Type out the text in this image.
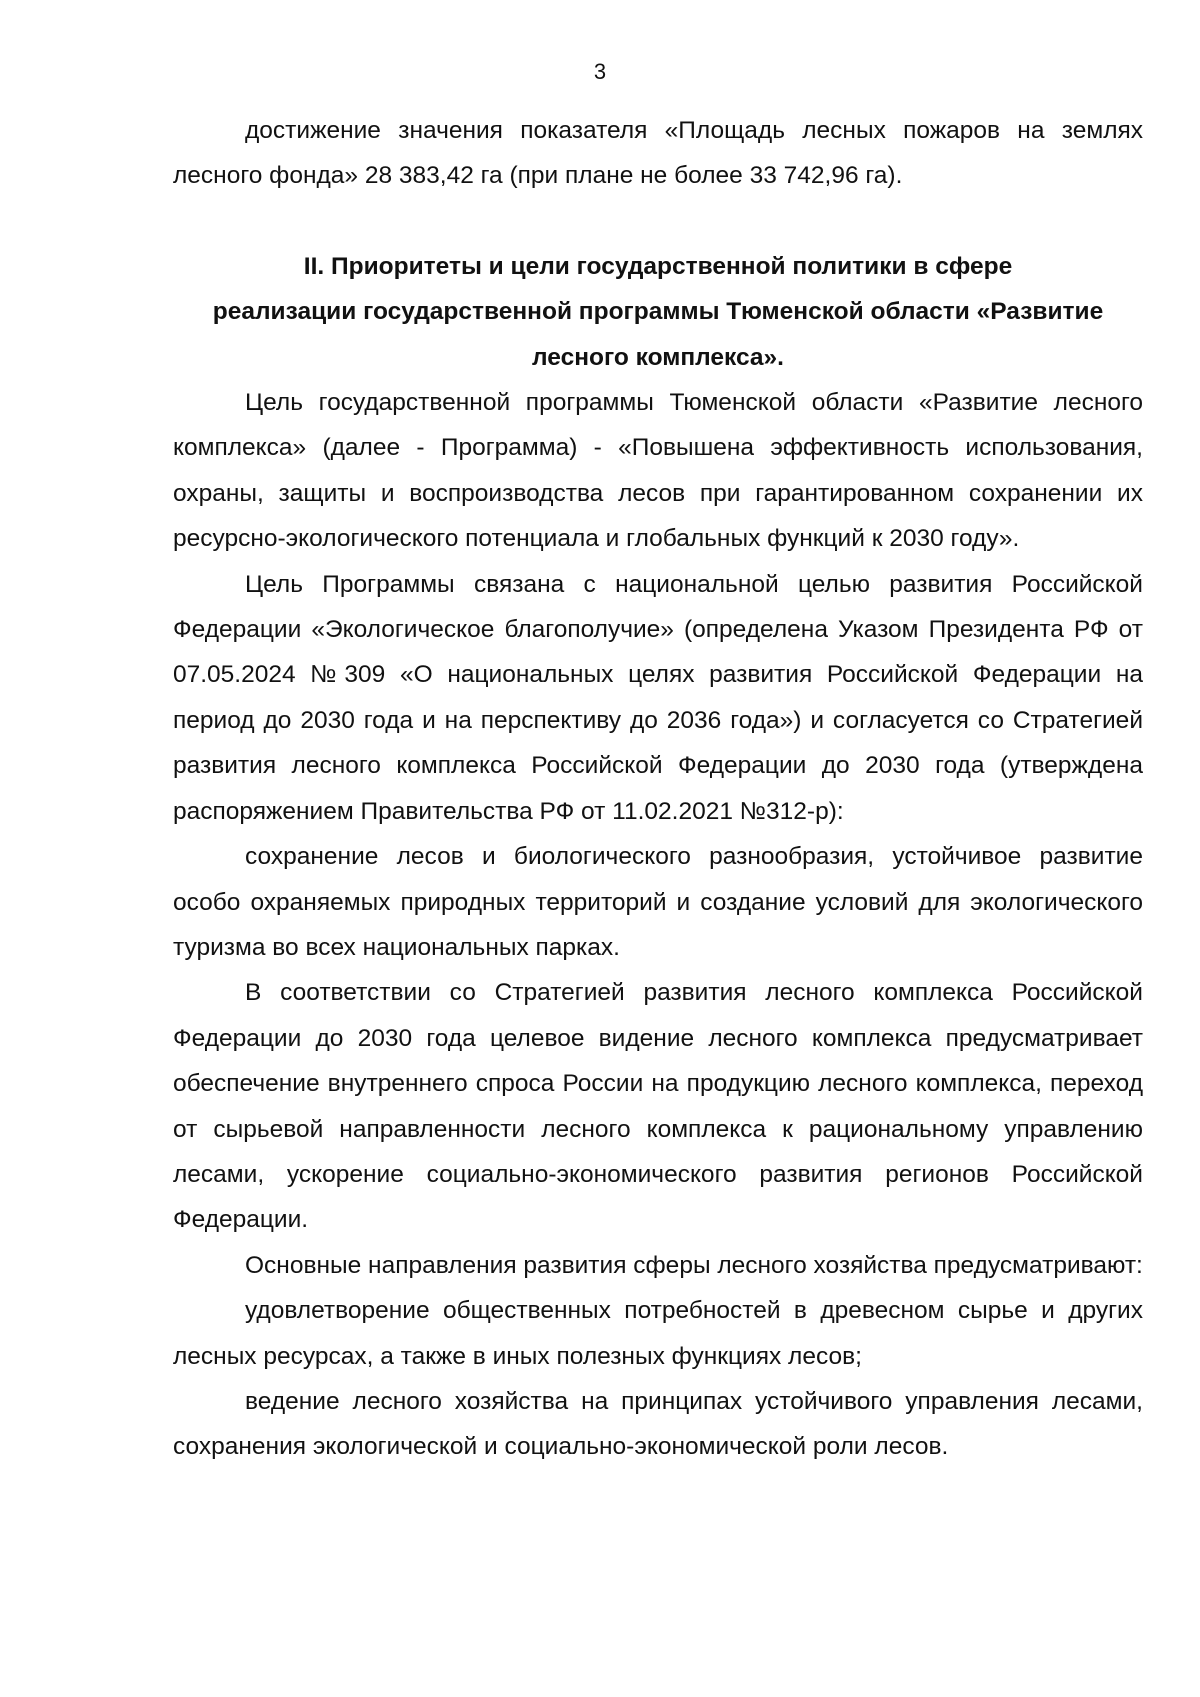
3

достижение значения показателя «Площадь лесных пожаров на землях лесного фонда» 28 383,42 га (при плане не более 33 742,96 га).

II. Приоритеты и цели государственной политики в сфере
реализации государственной программы Тюменской области «Развитие
лесного комплекса».

Цель государственной программы Тюменской области «Развитие лесного комплекса» (далее - Программа) - «Повышена эффективность использования, охраны, защиты и воспроизводства лесов при гарантированном сохранении их ресурсно-экологического потенциала и глобальных функций к 2030 году».

Цель Программы связана с национальной целью развития Российской Федерации «Экологическое благополучие» (определена Указом Президента РФ от 07.05.2024 №309 «О национальных целях развития Российской Федерации на период до 2030 года и на перспективу до 2036 года») и согласуется со Стратегией развития лесного комплекса Российской Федерации до 2030 года (утверждена распоряжением Правительства РФ от 11.02.2021 №312-р):

сохранение лесов и биологического разнообразия, устойчивое развитие особо охраняемых природных территорий и создание условий для экологического туризма во всех национальных парках.

В соответствии со Стратегией развития лесного комплекса Российской Федерации до 2030 года целевое видение лесного комплекса предусматривает обеспечение внутреннего спроса России на продукцию лесного комплекса, переход от сырьевой направленности лесного комплекса к рациональному управлению лесами, ускорение социально-экономического развития регионов Российской Федерации.

Основные направления развития сферы лесного хозяйства предусматривают:

удовлетворение общественных потребностей в древесном сырье и других лесных ресурсах, а также в иных полезных функциях лесов;

ведение лесного хозяйства на принципах устойчивого управления лесами, сохранения экологической и социально-экономической роли лесов.
